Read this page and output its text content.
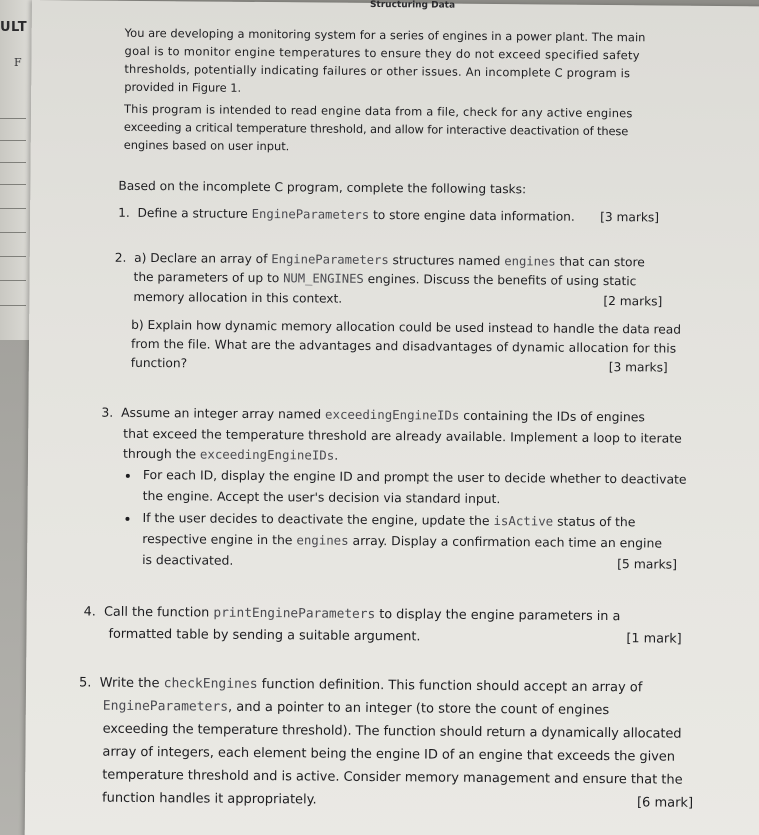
ULT
F
Structuring Data
You are developing a monitoring system for a series of engines in a power plant. The main
goal is to monitor engine temperatures to ensure they do not exceed specified safety
thresholds, potentially indicating failures or other issues. An incomplete C program is
provided in Figure 1.
This program is intended to read engine data from a file, check for any active engines
exceeding a critical temperature threshold, and allow for interactive deactivation of these
engines based on user input.
Based on the incomplete C program, complete the following tasks:
1. Define a structure EngineParameters to store engine data information. [3 marks]
2. a) Declare an array of EngineParameters structures named engines that can store
the parameters of up to NUM_ENGINES engines. Discuss the benefits of using static
memory allocation in this context.	[2 marks]
b) Explain how dynamic memory allocation could be used instead to handle the data read
from the file. What are the advantages and disadvantages of dynamic allocation for this
function?	[3 marks]
3. Assume an integer array named exceedingEngineIDs containing the IDs of engines
that exceed the temperature threshold are already available. Implement a loop to iterate
through the exceedingEngineIDs.
For each ID, display the engine ID and prompt the user to decide whether to deactivate
the engine. Accept the user's decision via standard input.
If the user decides to deactivate the engine, update the isActive status of the
respective engine in the engines array. Display a confirmation each time an engine
is deactivated.	[5 marks]
4. Call the function printEngineParameters to display the engine parameters in a
formatted table by sending a suitable argument.	[1 mark]
5. Write the checkEngines function definition. This function should accept an array of
EngineParameters, and a pointer to an integer (to store the count of engines
exceeding the temperature threshold). The function should return a dynamically allocated
array of integers, each element being the engine ID of an engine that exceeds the given
temperature threshold and is active. Consider memory management and ensure that the
function handles it appropriately.	[6 mark]
